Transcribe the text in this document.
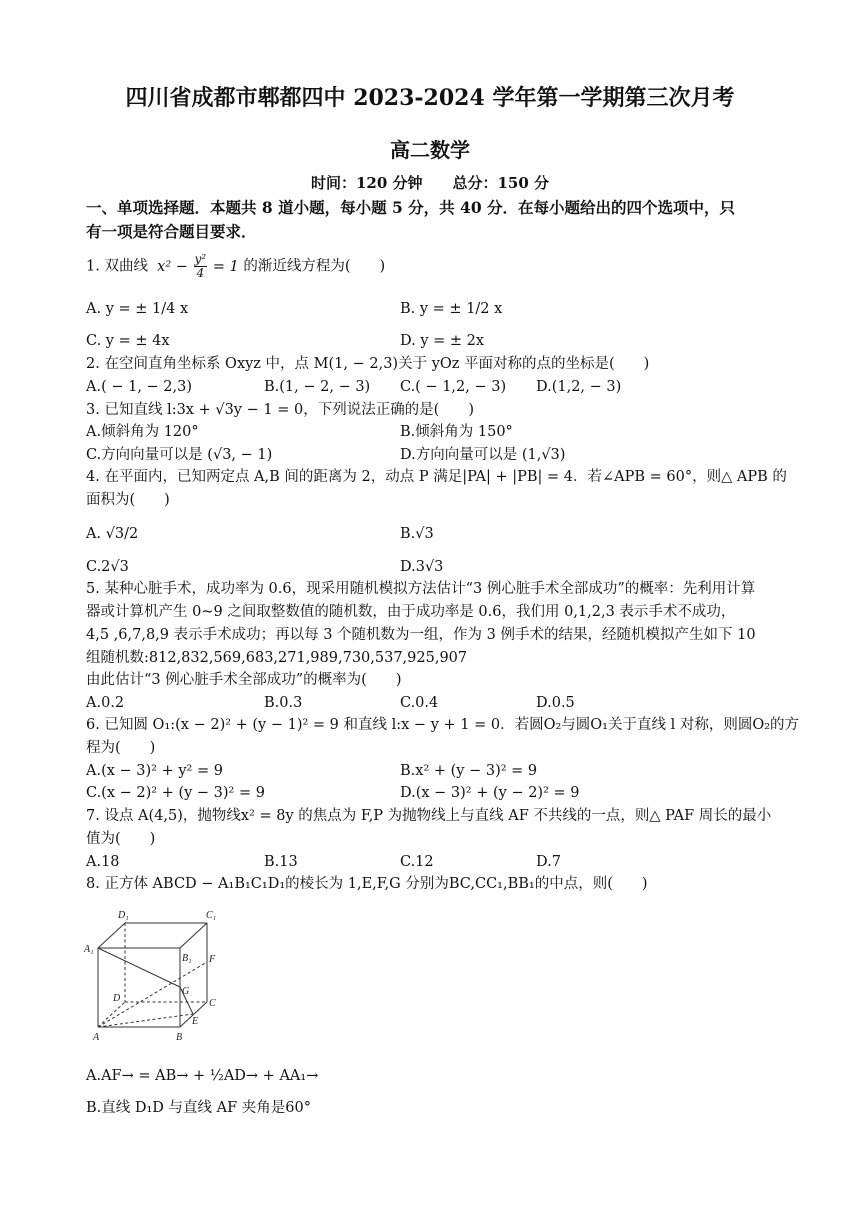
四川省成都市郫都四中 2023-2024 学年第一学期第三次月考
高二数学
时间：120 分钟　　总分：150 分
一、单项选择题．本题共 8 道小题，每小题 5 分，共 40 分．在每小题给出的四个选项中，只
有一项是符合题目要求．
1. 双曲线  $x^2 - \frac{\text{y²}}{4} = 1$ 的渐近线方程为(　　)
A. y = ± 1/4 x	B. y = ± 1/2 x
C. y = ± 4x	D. y = ± 2x
2. 在空间直角坐标系 Oxyz 中，点 M(1, − 2,3)关于 yOz 平面对称的点的坐标是(　　)
A.( − 1, − 2,3)	B.(1, − 2, − 3) C.( − 1,2, − 3) D.(1,2, − 3)
3. 已知直线 l:3x + √3y − 1 = 0，下列说法正确的是(　　)
A.倾斜角为 120°	B.倾斜角为 150°
C.方向向量可以是 (√3, − 1)	D.方向向量可以是 (1,√3)
4. 在平面内，已知两定点 A,B 间的距离为 2，动点 P 满足|PA| + |PB| = 4．若∠APB = 60°，则△ APB 的
面积为(　　)
A. √3/2	B.√3
C.2√3	D.3√3
5. 某种心脏手术，成功率为 0.6，现采用随机模拟方法估计“3 例心脏手术全部成功”的概率：先利用计算
器或计算机产生 0~9 之间取整数值的随机数，由于成功率是 0.6，我们用 0,1,2,3 表示手术不成功，
4,5 ,6,7,8,9 表示手术成功；再以每 3 个随机数为一组，作为 3 例手术的结果，经随机模拟产生如下 10
组随机数:812,832,569,683,271,989,730,537,925,907
由此估计“3 例心脏手术全部成功”的概率为(　　)
A.0.2	B.0.3	C.0.4	D.0.5
6. 已知圆 O₁:(x − 2)² + (y − 1)² = 9 和直线 l:x − y + 1 = 0．若圆O₂与圆O₁关于直线 l 对称，则圆O₂的方
程为(　　)
A.(x − 3)² + y² = 9	B.x² + (y − 3)² = 9
C.(x − 2)² + (y − 3)² = 9	D.(x − 3)² + (y − 2)² = 9
7. 设点 A(4,5)，抛物线x² = 8y 的焦点为 F,P 为抛物线上与直线 AF 不共线的一点，则△ PAF 周长的最小
值为(　　)
A.18	B.13	C.12	D.7
8. 正方体 ABCD − A₁B₁C₁D₁的棱长为 1,E,F,G 分别为BC,CC₁,BB₁的中点，则(　　)
D₁	C₁
A₁
B₁ F
G
D	C
E
A	B
A.AF→ = AB→ + ½AD→ + AA₁→
B.直线 D₁D 与直线 AF 夹角是60°
